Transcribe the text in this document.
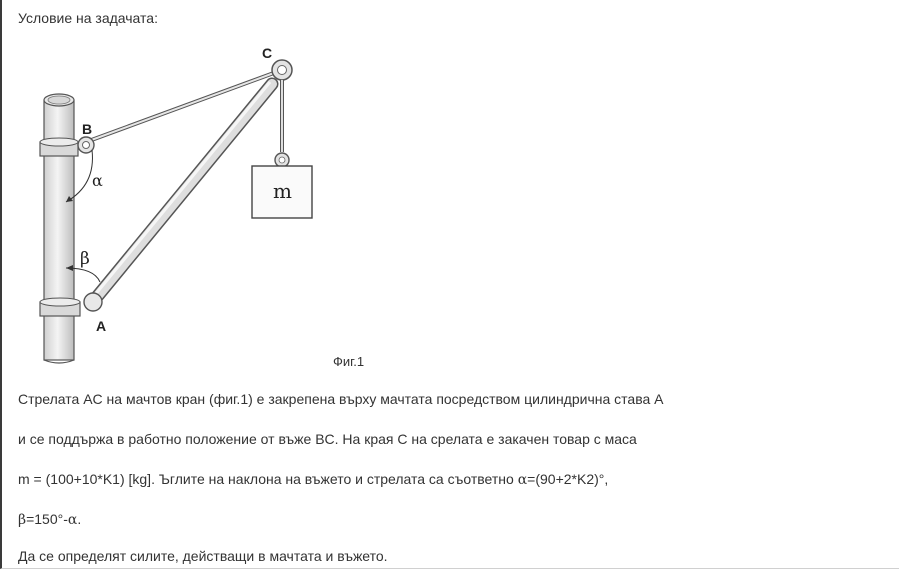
Условие на задачата:
B
C
A
m
α
β
Фиг.1
Стрелата AC на мачтов кран (фиг.1) е закрепена върху мачтата посредством цилиндрична става A
и се поддържа в работно положение от въже BC. На края C на срелата е закачен товар с маса
m = (100+10*K1) [kg]. Ъглите на наклона на въжето и стрелата са съответно α=(90+2*K2)°,
β=150°-α.
Да се определят силите, действащи в мачтата и въжето.
